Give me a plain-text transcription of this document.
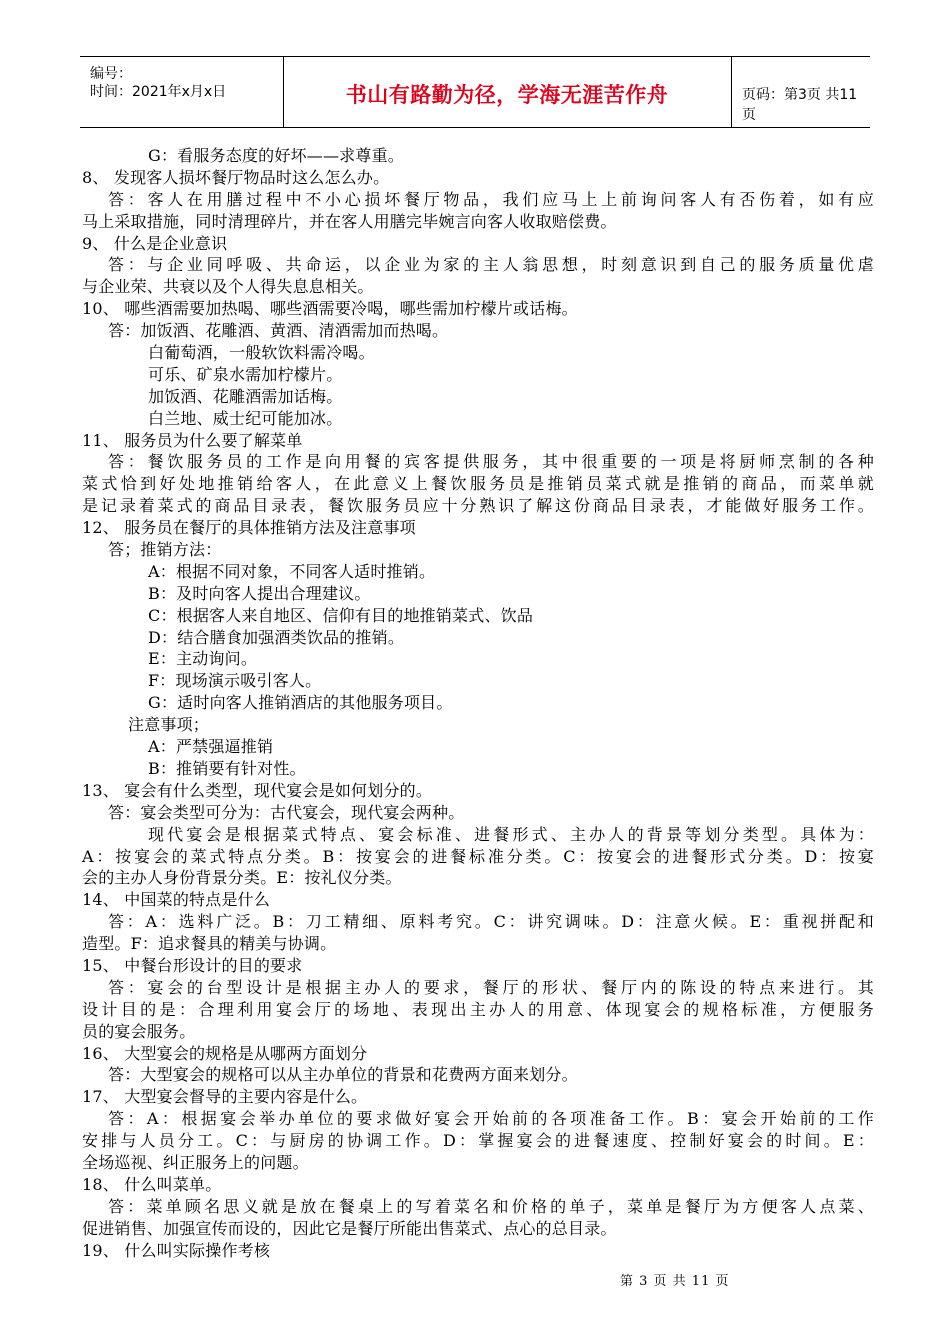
编号：
时间：2021年x月x日	书山有路勤为径，学海无涯苦作舟	页码：第3页 共11页
G：看服务态度的好坏——求尊重。
8、 发现客人损坏餐厅物品时这么怎么办。
答：客人在用膳过程中不小心损坏餐厅物品，我们应马上上前询问客人有否伤着，如有应
马上采取措施，同时清理碎片，并在客人用膳完毕婉言向客人收取赔偿费。
9、 什么是企业意识
答：与企业同呼吸、共命运，以企业为家的主人翁思想，时刻意识到自己的服务质量优虐
与企业荣、共衰以及个人得失息息相关。
10、 哪些酒需要加热喝、哪些酒需要冷喝，哪些需加柠檬片或话梅。
答：加饭酒、花雕酒、黄酒、清酒需加而热喝。
白葡萄酒，一般软饮料需冷喝。
可乐、矿泉水需加柠檬片。
加饭酒、花雕酒需加话梅。
白兰地、威士纪可能加冰。
11、 服务员为什么要了解菜单
答：餐饮服务员的工作是向用餐的宾客提供服务，其中很重要的一项是将厨师烹制的各种
菜式恰到好处地推销给客人，在此意义上餐饮服务员是推销员菜式就是推销的商品，而菜单就
是记录着菜式的商品目录表，餐饮服务员应十分熟识了解这份商品目录表，才能做好服务工作。
12、 服务员在餐厅的具体推销方法及注意事项
答；推销方法：
A：根据不同对象，不同客人适时推销。
B：及时向客人提出合理建议。
C：根据客人来自地区、信仰有目的地推销菜式、饮品
D：结合膳食加强酒类饮品的推销。
E：主动询问。
F：现场演示吸引客人。
G：适时向客人推销酒店的其他服务项目。
注意事项；
A：严禁强逼推销
B：推销要有针对性。
13、 宴会有什么类型，现代宴会是如何划分的。
答：宴会类型可分为：古代宴会，现代宴会两种。
现代宴会是根据菜式特点、宴会标准、进餐形式、主办人的背景等划分类型。具体为：
A：按宴会的菜式特点分类。B：按宴会的进餐标准分类。C：按宴会的进餐形式分类。D：按宴
会的主办人身份背景分类。E：按礼仪分类。
14、 中国菜的特点是什么
答：A：选料广泛。B：刀工精细、原料考究。C：讲究调味。D：注意火候。E：重视拼配和
造型。F：追求餐具的精美与协调。
15、 中餐台形设计的目的要求
答：宴会的台型设计是根据主办人的要求，餐厅的形状、餐厅内的陈设的特点来进行。其
设计目的是：合理利用宴会厅的场地、表现出主办人的用意、体现宴会的规格标准，方便服务
员的宴会服务。
16、 大型宴会的规格是从哪两方面划分
答：大型宴会的规格可以从主办单位的背景和花费两方面来划分。
17、 大型宴会督导的主要内容是什么。
答：A：根据宴会举办单位的要求做好宴会开始前的各项准备工作。B：宴会开始前的工作
安排与人员分工。C：与厨房的协调工作。D：掌握宴会的进餐速度、控制好宴会的时间。E：
全场巡视、纠正服务上的问题。
18、 什么叫菜单。
答：菜单顾名思义就是放在餐桌上的写着菜名和价格的单子，菜单是餐厅为方便客人点菜、
促进销售、加强宣传而设的，因此它是餐厅所能出售菜式、点心的总目录。
19、 什么叫实际操作考核
第 3 页 共 11 页
